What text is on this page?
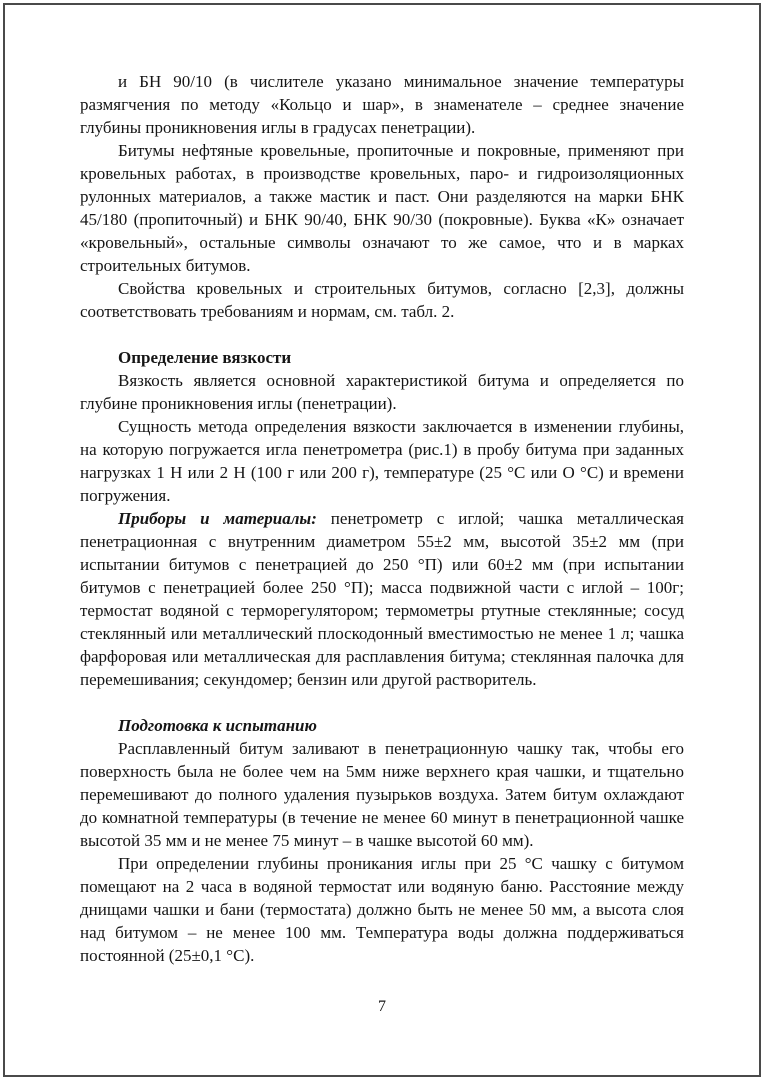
и БН 90/10 (в числителе указано минимальное значение температуры размягчения по методу «Кольцо и шар», в знаменателе – среднее значение глубины проникновения иглы в градусах пенетрации).

Битумы нефтяные кровельные, пропиточные и покровные, применяют при кровельных работах, в производстве кровельных, паро- и гидроизоляционных рулонных материалов, а также мастик и паст. Они разделяются на марки БНК 45/180 (пропиточный) и БНК 90/40, БНК 90/30 (покровные). Буква «К» означает «кровельный», остальные символы означают то же самое, что и в марках строительных битумов.

Свойства кровельных и строительных битумов, согласно [2,3], должны соответствовать требованиям и нормам, см. табл. 2.

Определение вязкости

Вязкость является основной характеристикой битума и определяется по глубине проникновения иглы (пенетрации).

Сущность метода определения вязкости заключается в изменении глубины, на которую погружается игла пенетрометра (рис.1) в пробу битума при заданных нагрузках 1 Н или 2 Н (100 г или 200 г), температуре (25 °С или О °С) и времени погружения.

Приборы и материалы: пенетрометр с иглой; чашка металлическая пенетрационная с внутренним диаметром 55±2 мм, высотой 35±2 мм (при испытании битумов с пенетрацией до 250 °П) или 60±2 мм (при испытании битумов с пенетрацией более 250 °П); масса подвижной части с иглой – 100г; термостат водяной с терморегулятором; термометры ртутные стеклянные; сосуд стеклянный или металлический плоскодонный вместимостью не менее 1 л; чашка фарфоровая или металлическая для расплавления битума; стеклянная палочка для перемешивания; секундомер; бензин или другой растворитель.

Подготовка к испытанию

Расплавленный битум заливают в пенетрационную чашку так, чтобы его поверхность была не более чем на 5мм ниже верхнего края чашки, и тщательно перемешивают до полного удаления пузырьков воздуха. Затем битум охлаждают до комнатной температуры (в течение не менее 60 минут в пенетрационной чашке высотой 35 мм и не менее 75 минут – в чашке высотой 60 мм).

При определении глубины проникания иглы при 25 °С чашку с битумом помещают на 2 часа в водяной термостат или водяную баню. Расстояние между днищами чашки и бани (термостата) должно быть не менее 50 мм, а высота слоя над битумом – не менее 100 мм. Температура воды должна поддерживаться постоянной (25±0,1 °С).

7
